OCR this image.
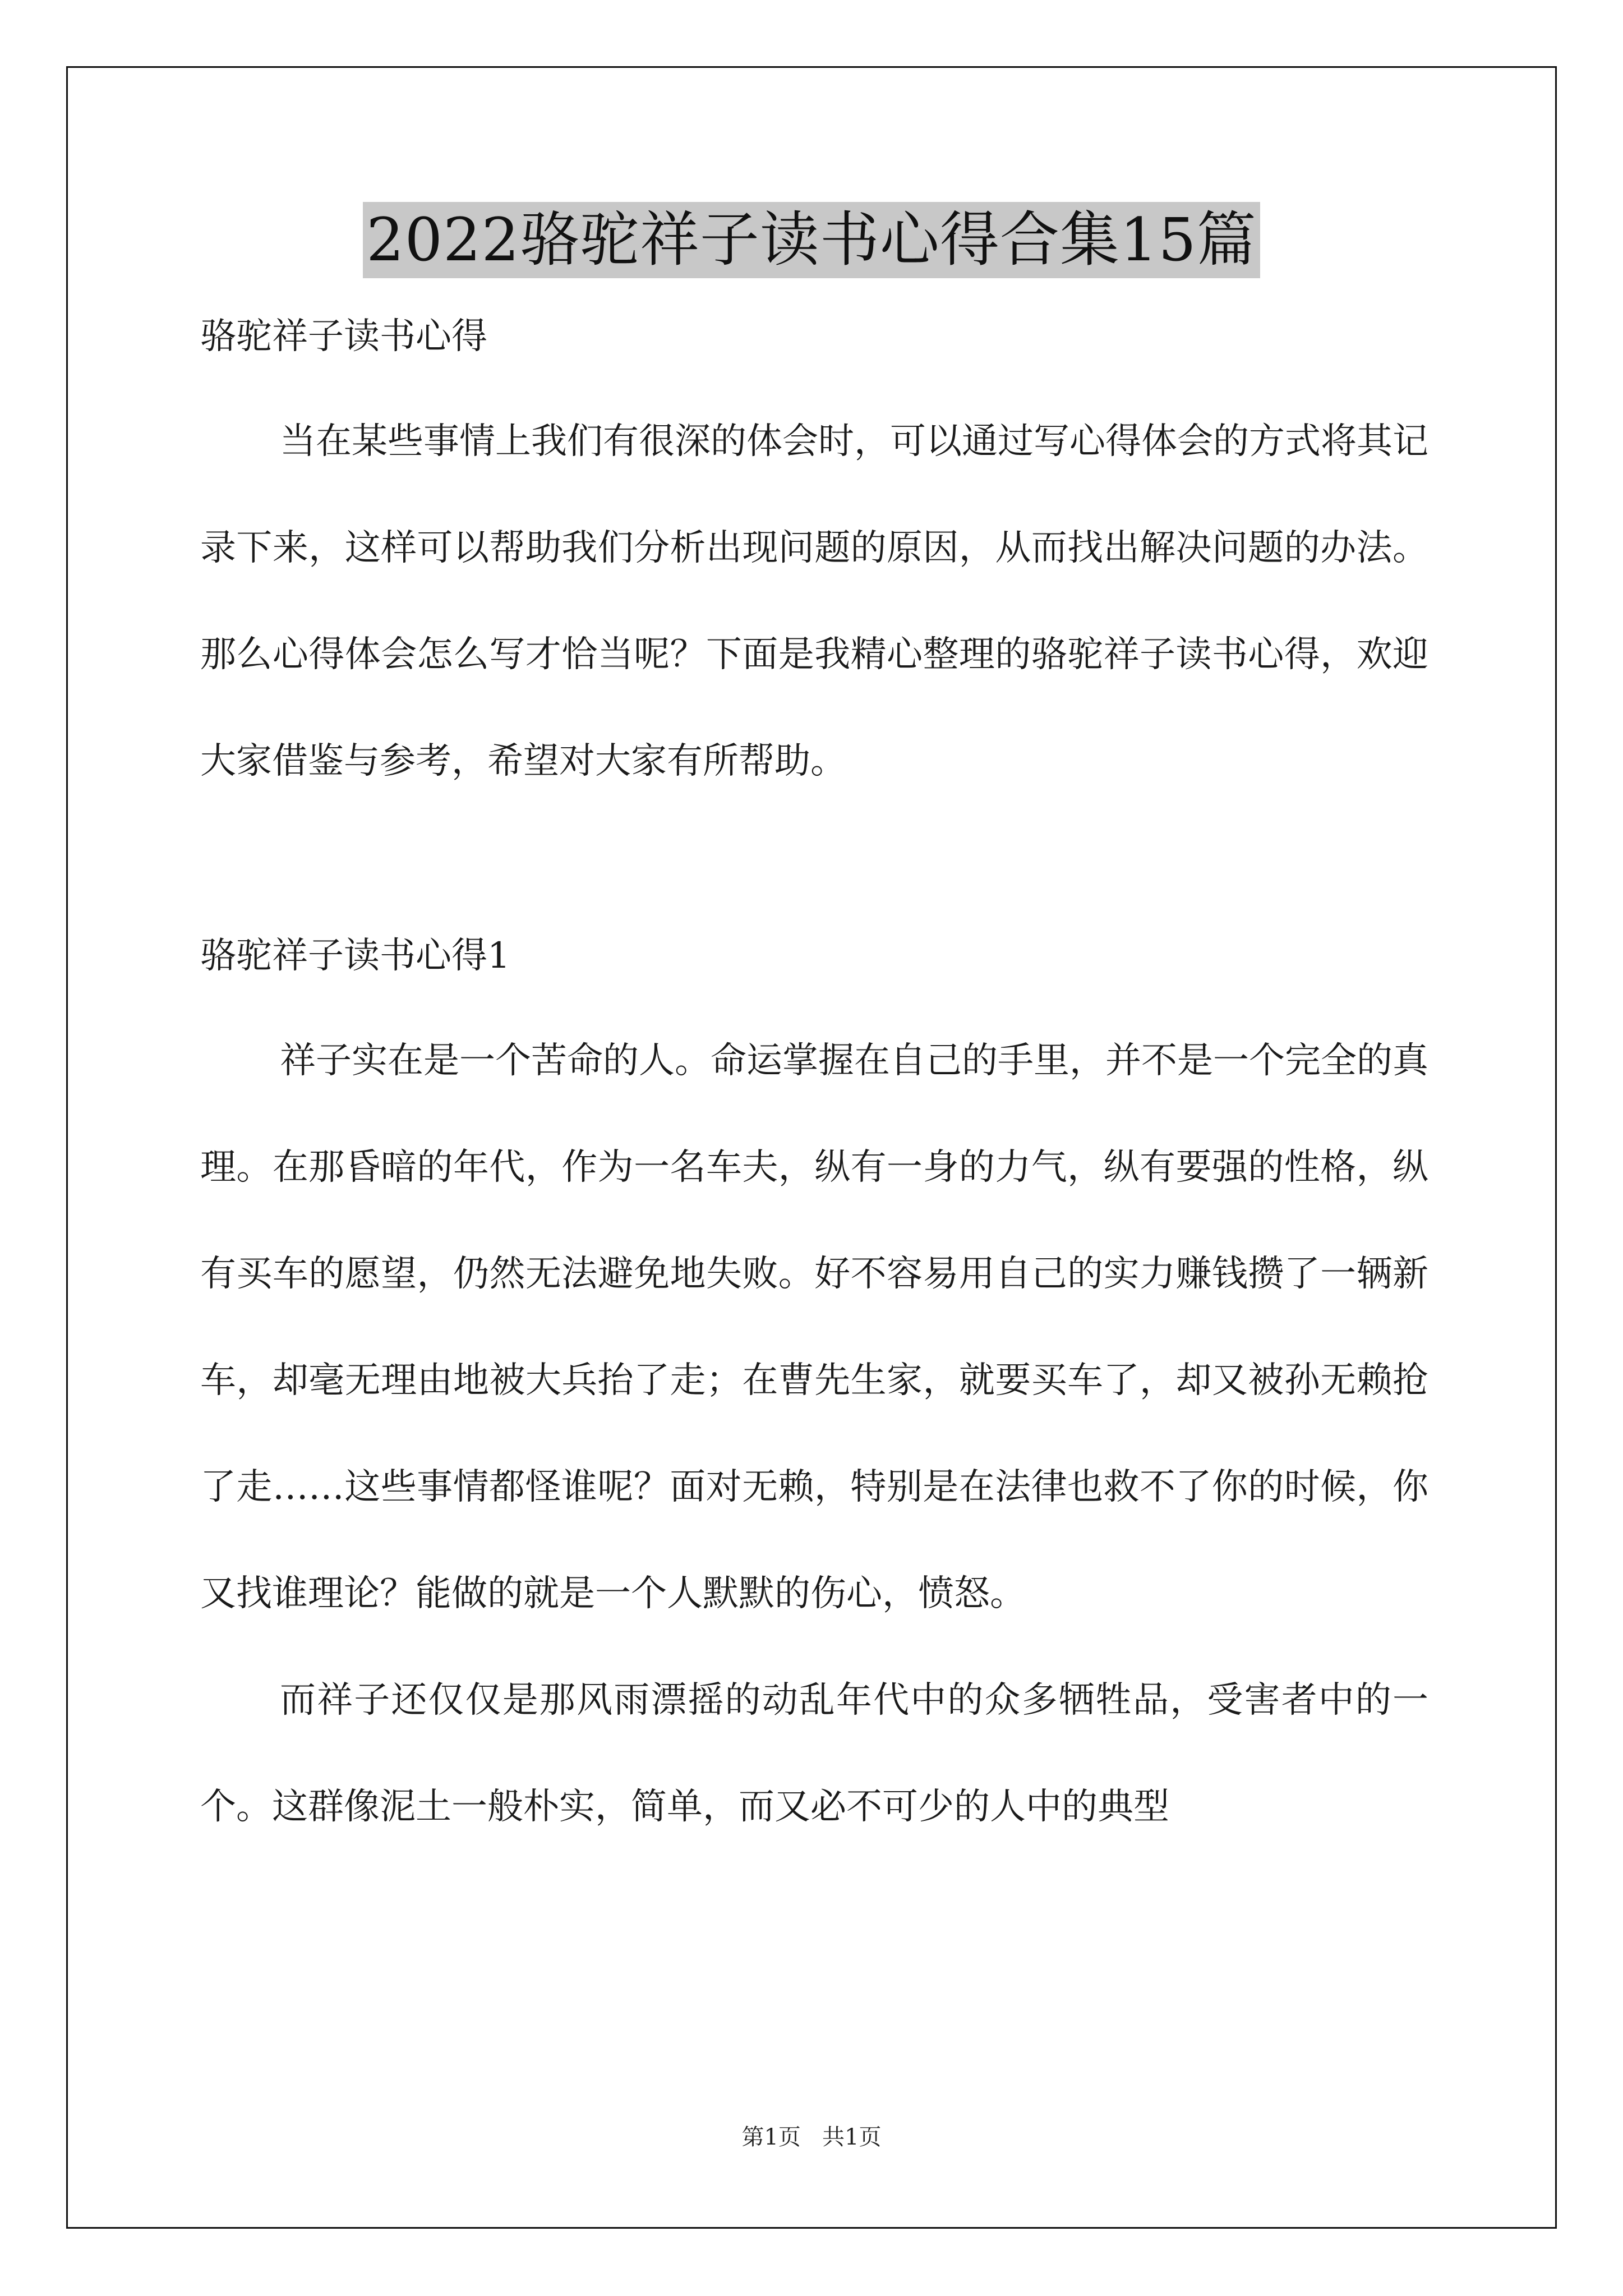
2022骆驼祥子读书心得合集15篇

骆驼祥子读书心得

当在某些事情上我们有很深的体会时，可以通过写心得体会的方式将其记录下来，这样可以帮助我们分析出现问题的原因，从而找出解决问题的办法。那么心得体会怎么写才恰当呢？下面是我精心整理的骆驼祥子读书心得，欢迎大家借鉴与参考，希望对大家有所帮助。

骆驼祥子读书心得1

祥子实在是一个苦命的人。命运掌握在自己的手里，并不是一个完全的真理。在那昏暗的年代，作为一名车夫，纵有一身的力气，纵有要强的性格，纵有买车的愿望，仍然无法避免地失败。好不容易用自己的实力赚钱攒了一辆新车，却毫无理由地被大兵抬了走；在曹先生家，就要买车了，却又被孙无赖抢了走……这些事情都怪谁呢？面对无赖，特别是在法律也救不了你的时候，你又找谁理论？能做的就是一个人默默的伤心，愤怒。

而祥子还仅仅是那风雨漂摇的动乱年代中的众多牺牲品，受害者中的一个。这群像泥土一般朴实，简单，而又必不可少的人中的典型

第1页   共1页
